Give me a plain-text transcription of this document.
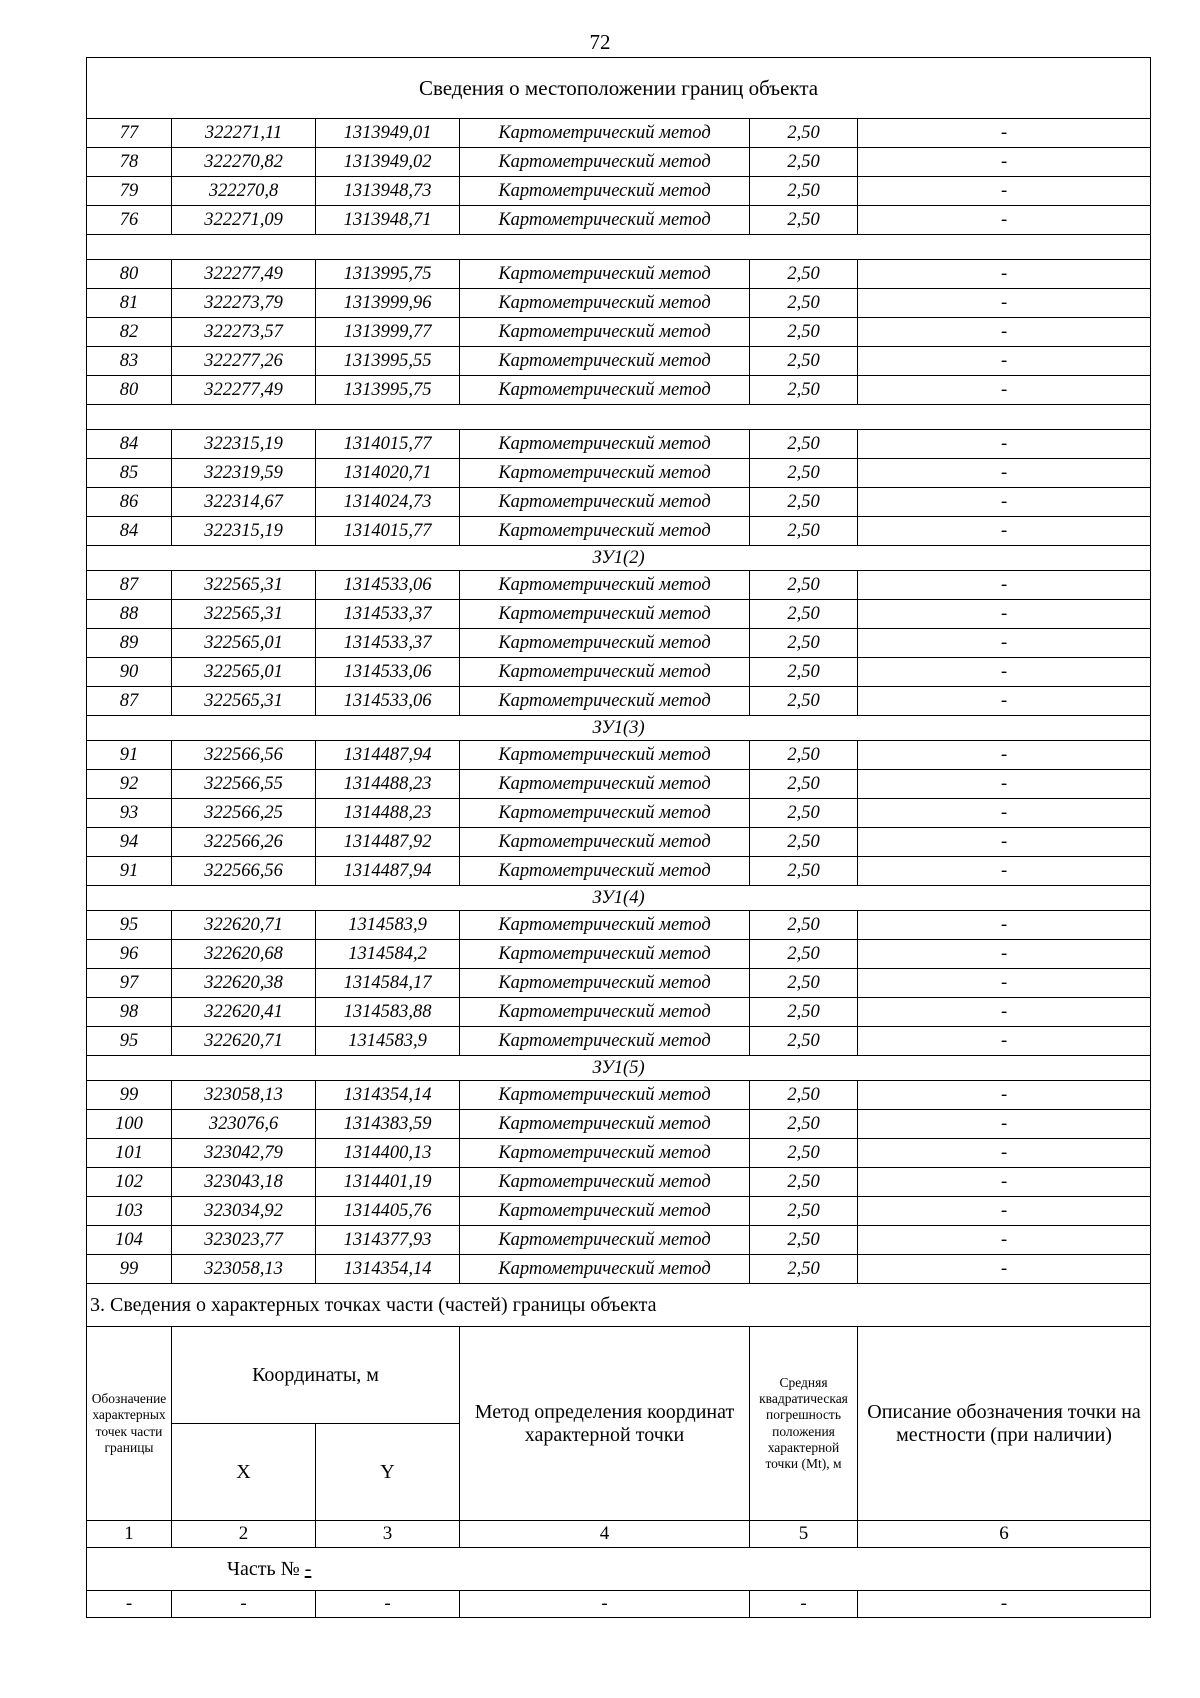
72
Сведения о местоположении границ объекта					
77	322271,11	1313949,01	Картометрический метод	2,50	-
78	322270,82	1313949,02	Картометрический метод	2,50	-
79	322270,8	1313948,73	Картометрический метод	2,50	-
76	322271,09	1313948,71	Картометрический метод	2,50	-

80	322277,49	1313995,75	Картометрический метод	2,50	-
81	322273,79	1313999,96	Картометрический метод	2,50	-
82	322273,57	1313999,77	Картометрический метод	2,50	-
83	322277,26	1313995,55	Картометрический метод	2,50	-
80	322277,49	1313995,75	Картометрический метод	2,50	-

84	322315,19	1314015,77	Картометрический метод	2,50	-
85	322319,59	1314020,71	Картометрический метод	2,50	-
86	322314,67	1314024,73	Картометрический метод	2,50	-
84	322315,19	1314015,77	Картометрический метод	2,50	-
ЗУ1(2)					
87	322565,31	1314533,06	Картометрический метод	2,50	-
88	322565,31	1314533,37	Картометрический метод	2,50	-
89	322565,01	1314533,37	Картометрический метод	2,50	-
90	322565,01	1314533,06	Картометрический метод	2,50	-
87	322565,31	1314533,06	Картометрический метод	2,50	-
ЗУ1(3)					
91	322566,56	1314487,94	Картометрический метод	2,50	-
92	322566,55	1314488,23	Картометрический метод	2,50	-
93	322566,25	1314488,23	Картометрический метод	2,50	-
94	322566,26	1314487,92	Картометрический метод	2,50	-
91	322566,56	1314487,94	Картометрический метод	2,50	-
ЗУ1(4)					
95	322620,71	1314583,9	Картометрический метод	2,50	-
96	322620,68	1314584,2	Картометрический метод	2,50	-
97	322620,38	1314584,17	Картометрический метод	2,50	-
98	322620,41	1314583,88	Картометрический метод	2,50	-
95	322620,71	1314583,9	Картометрический метод	2,50	-
ЗУ1(5)					
99	323058,13	1314354,14	Картометрический метод	2,50	-
100	323076,6	1314383,59	Картометрический метод	2,50	-
101	323042,79	1314400,13	Картометрический метод	2,50	-
102	323043,18	1314401,19	Картометрический метод	2,50	-
103	323034,92	1314405,76	Картометрический метод	2,50	-
104	323023,77	1314377,93	Картометрический метод	2,50	-
99	323058,13	1314354,14	Картометрический метод	2,50	-
3. Сведения о характерных точках части (частей) границы объекта					
Обозначение характерных точек части границы	Координаты, м		Метод определения координат характерной точки	Средняя квадратическая погрешность положения характерной точки (Mt), м	Описание обозначения точки на местности (при наличии)
	X	Y			
1	2	3	4	5	6
Часть № -					
-	-	-	-	-	-
